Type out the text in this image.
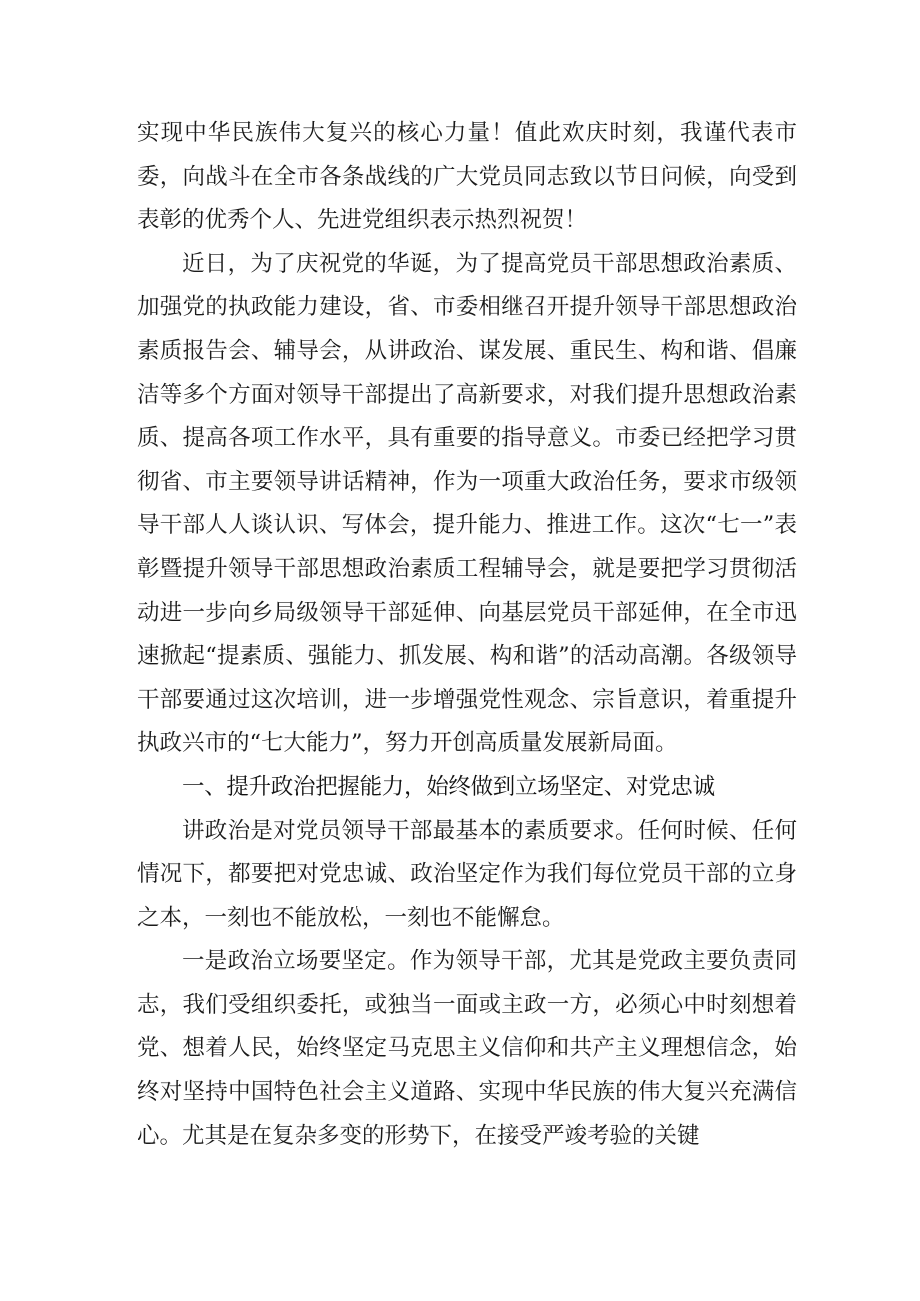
实现中华民族伟大复兴的核心力量！值此欢庆时刻，我谨代表市委，向战斗在全市各条战线的广大党员同志致以节日问候，向受到表彰的优秀个人、先进党组织表示热烈祝贺！

近日，为了庆祝党的华诞，为了提高党员干部思想政治素质、加强党的执政能力建设，省、市委相继召开提升领导干部思想政治素质报告会、辅导会，从讲政治、谋发展、重民生、构和谐、倡廉洁等多个方面对领导干部提出了高新要求，对我们提升思想政治素质、提高各项工作水平，具有重要的指导意义。市委已经把学习贯彻省、市主要领导讲话精神，作为一项重大政治任务，要求市级领导干部人人谈认识、写体会，提升能力、推进工作。这次“七一”表彰暨提升领导干部思想政治素质工程辅导会，就是要把学习贯彻活动进一步向乡局级领导干部延伸、向基层党员干部延伸，在全市迅速掀起“提素质、强能力、抓发展、构和谐”的活动高潮。各级领导干部要通过这次培训，进一步增强党性观念、宗旨意识，着重提升执政兴市的“七大能力”，努力开创高质量发展新局面。

一、提升政治把握能力，始终做到立场坚定、对党忠诚

讲政治是对党员领导干部最基本的素质要求。任何时候、任何情况下，都要把对党忠诚、政治坚定作为我们每位党员干部的立身之本，一刻也不能放松，一刻也不能懈怠。

一是政治立场要坚定。作为领导干部，尤其是党政主要负责同志，我们受组织委托，或独当一面或主政一方，必须心中时刻想着党、想着人民，始终坚定马克思主义信仰和共产主义理想信念，始终对坚持中国特色社会主义道路、实现中华民族的伟大复兴充满信心。尤其是在复杂多变的形势下，在接受严竣考验的关键
